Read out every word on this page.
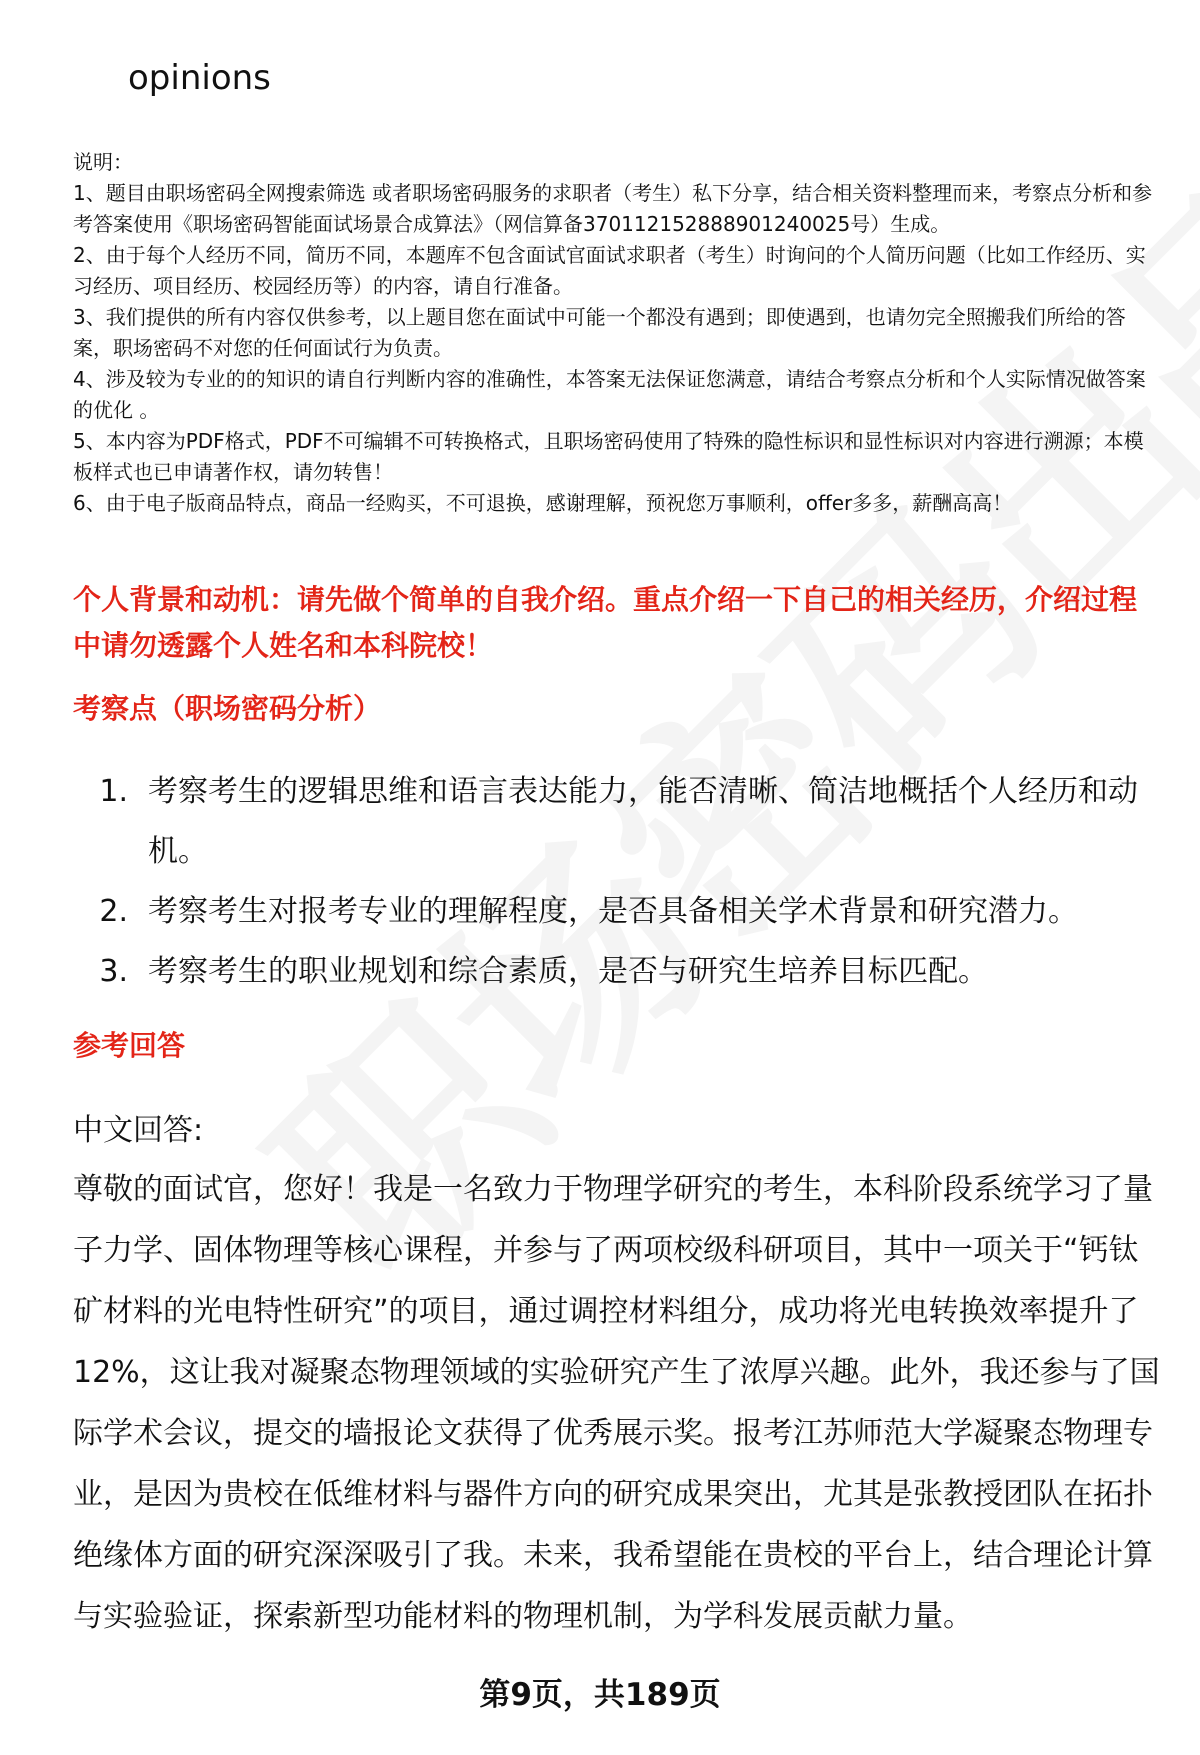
opinions

说明：

1、题目由职场密码全网搜索筛选 或者职场密码服务的求职者（考生）私下分享，结合相关资料整理而来，考察点分析和参考答案使用《职场密码智能面试场景合成算法》（网信算备370112152888901240025号）生成。

2、由于每个人经历不同，简历不同，本题库不包含面试官面试求职者（考生）时询问的个人简历问题（比如工作经历、实习经历、项目经历、校园经历等）的内容，请自行准备。

3、我们提供的所有内容仅供参考，以上题目您在面试中可能一个都没有遇到；即使遇到，也请勿完全照搬我们所给的答案，职场密码不对您的任何面试行为负责。

4、涉及较为专业的的知识的请自行判断内容的准确性，本答案无法保证您满意，请结合考察点分析和个人实际情况做答案的优化 。

5、本内容为PDF格式，PDF不可编辑不可转换格式，且职场密码使用了特殊的隐性标识和显性标识对内容进行溯源；本模板样式也已申请著作权，请勿转售！

6、由于电子版商品特点，商品一经购买，不可退换，感谢理解，预祝您万事顺利，offer多多，薪酬高高！

个人背景和动机：请先做个简单的自我介绍。重点介绍一下自己的相关经历，介绍过程中请勿透露个人姓名和本科院校！
考察点（职场密码分析）
1. 考察考生的逻辑思维和语言表达能力，能否清晰、简洁地概括个人经历和动机。
2. 考察考生对报考专业的理解程度，是否具备相关学术背景和研究潜力。
3. 考察考生的职业规划和综合素质，是否与研究生培养目标匹配。
参考回答
中文回答:
尊敬的面试官，您好！我是一名致力于物理学研究的考生，本科阶段系统学习了量子力学、固体物理等核心课程，并参与了两项校级科研项目，其中一项关于“钙钛矿材料的光电特性研究”的项目，通过调控材料组分，成功将光电转换效率提升了12%，这让我对凝聚态物理领域的实验研究产生了浓厚兴趣。此外，我还参与了国际学术会议，提交的墙报论文获得了优秀展示奖。报考江苏师范大学凝聚态物理专业，是因为贵校在低维材料与器件方向的研究成果突出，尤其是张教授团队在拓扑绝缘体方面的研究深深吸引了我。未来，我希望能在贵校的平台上，结合理论计算与实验验证，探索新型功能材料的物理机制，为学科发展贡献力量。
第9页，共189页
